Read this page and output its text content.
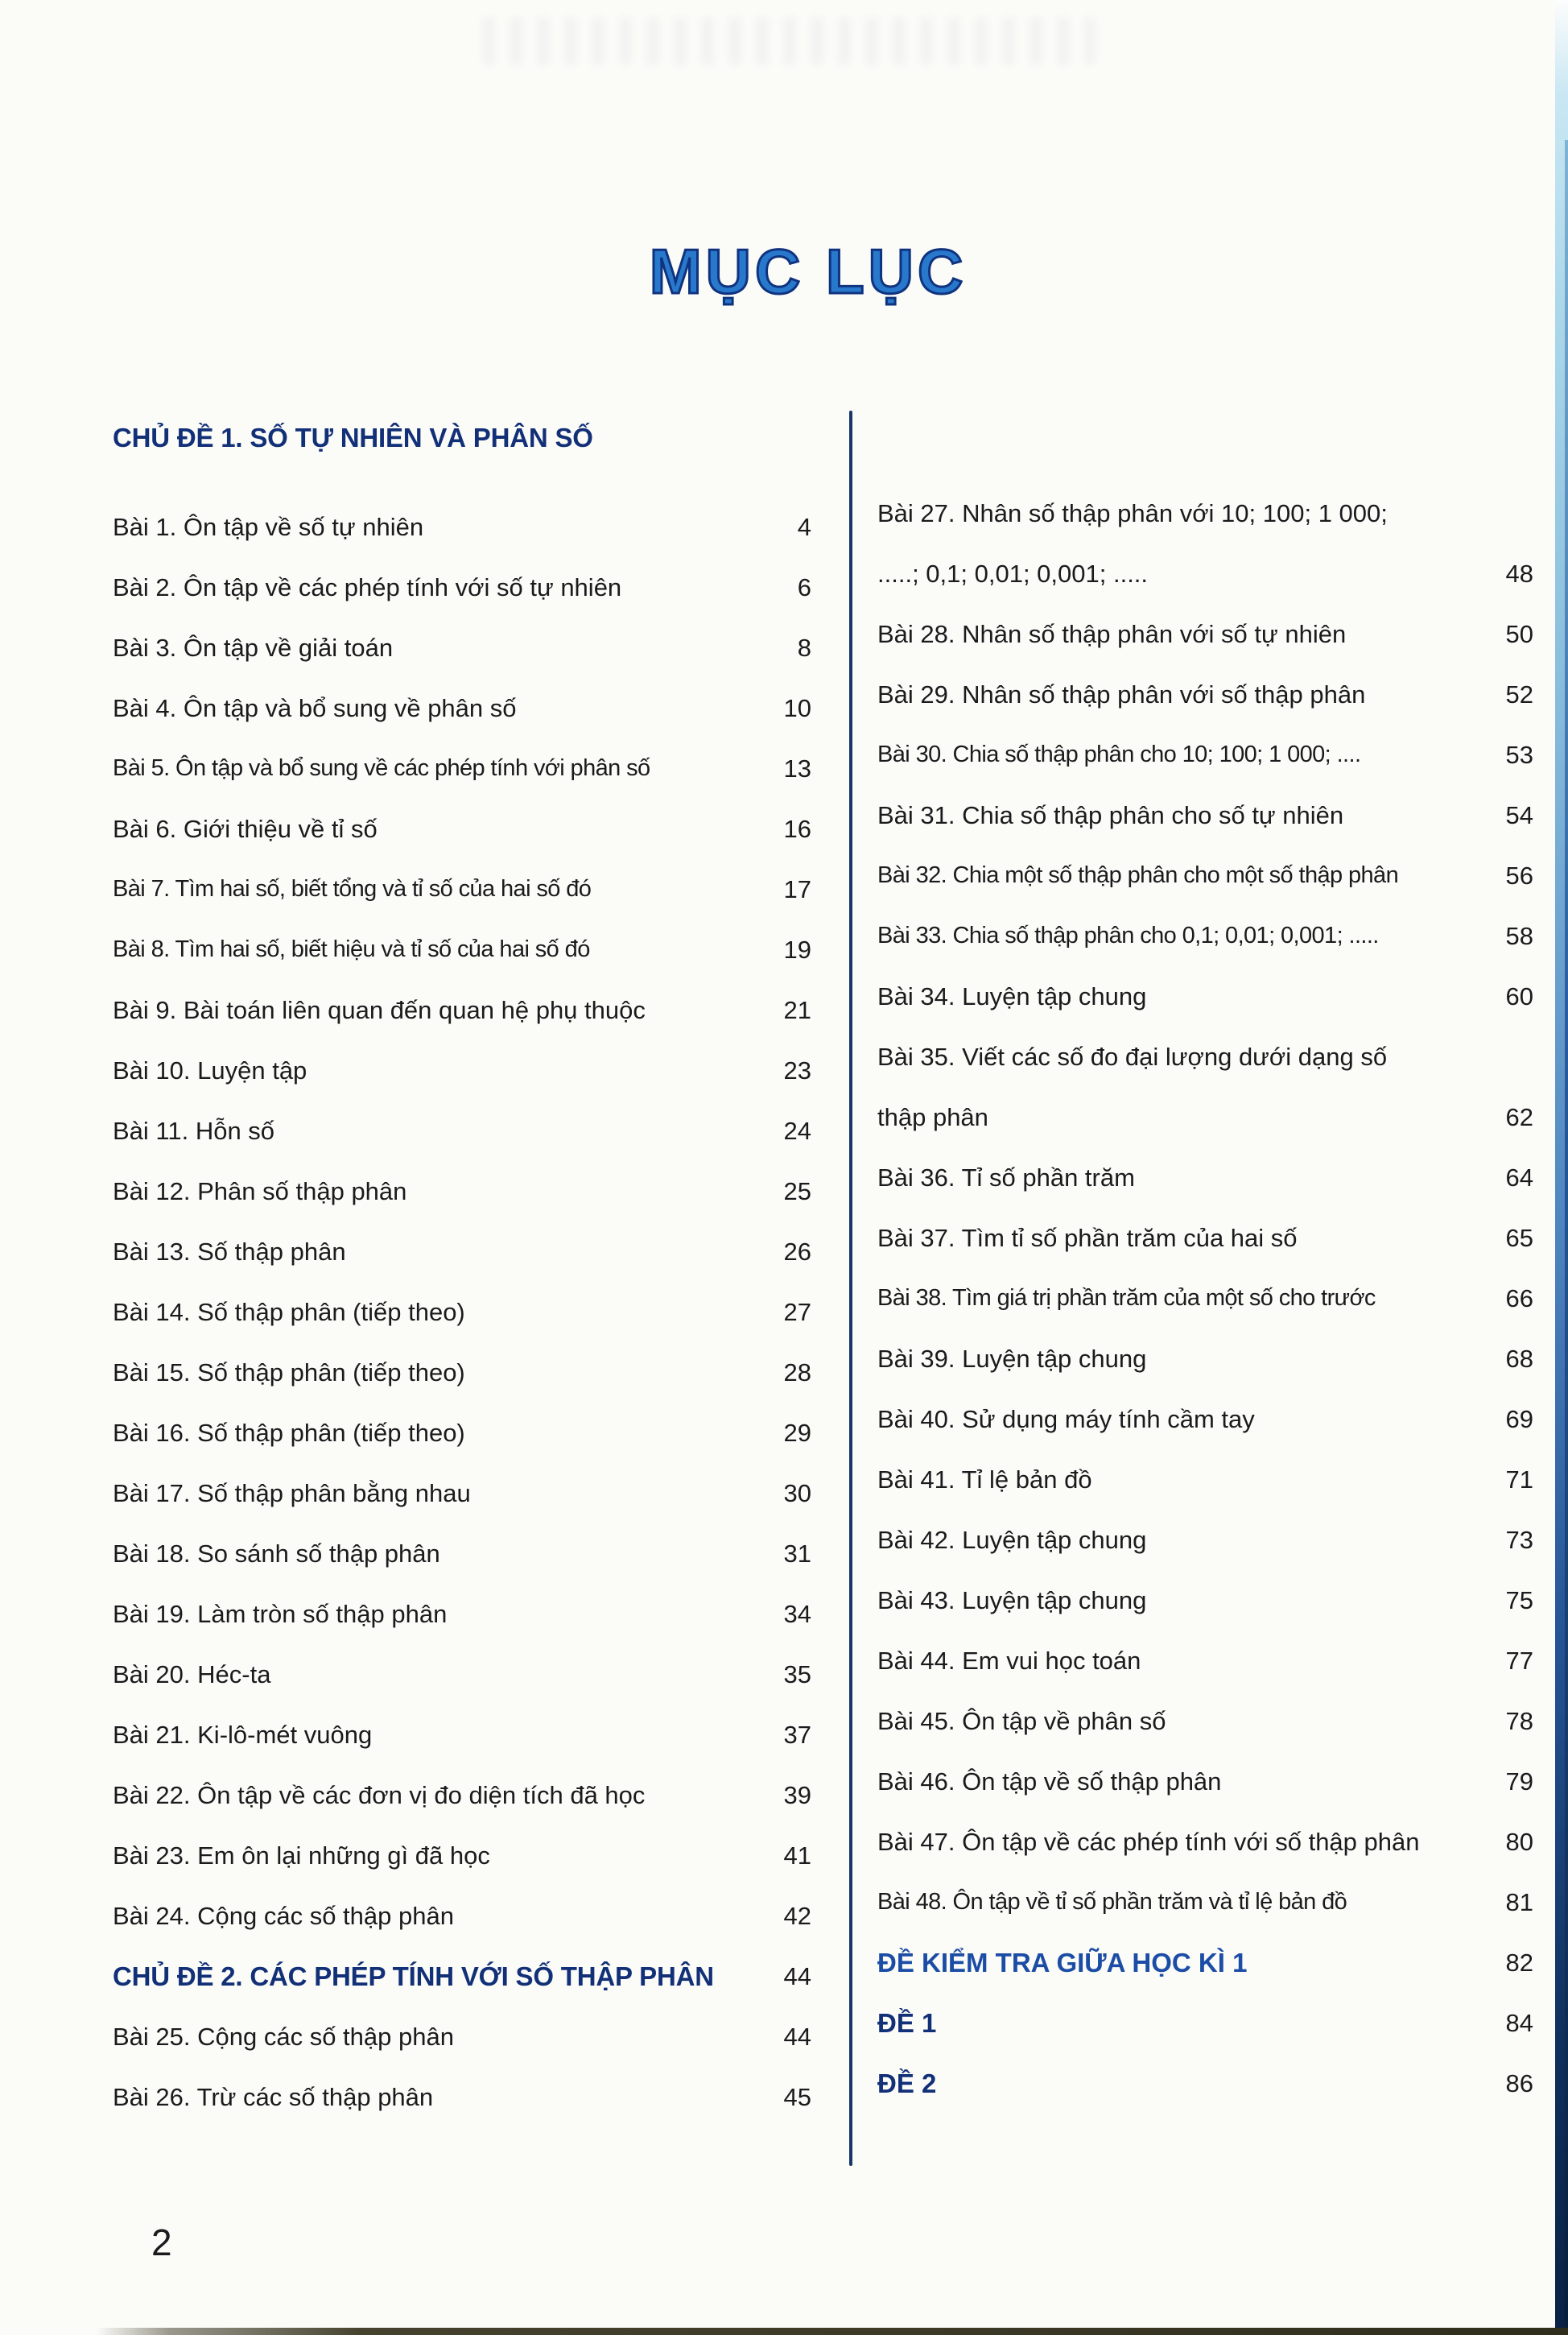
MỤC LỤC
CHỦ ĐỀ 1. SỐ TỰ NHIÊN VÀ PHÂN SỐ
Bài 1. Ôn tập về số tự nhiên	4
Bài 2. Ôn tập về các phép tính với số tự nhiên	6
Bài 3. Ôn tập về giải toán	8
Bài 4. Ôn tập và bổ sung về phân số	10
Bài 5. Ôn tập và bổ sung về các phép tính với phân số	13
Bài 6. Giới thiệu về tỉ số	16
Bài 7. Tìm hai số, biết tổng và tỉ số của hai số đó	17
Bài 8. Tìm hai số, biết hiệu và tỉ số của hai số đó	19
Bài 9. Bài toán liên quan đến quan hệ phụ thuộc	21
Bài 10. Luyện tập	23
Bài 11. Hỗn số	24
Bài 12. Phân số thập phân	25
Bài 13. Số thập phân	26
Bài 14. Số thập phân (tiếp theo)	27
Bài 15. Số thập phân (tiếp theo)	28
Bài 16. Số thập phân (tiếp theo)	29
Bài 17. Số thập phân bằng nhau	30
Bài 18. So sánh số thập phân	31
Bài 19. Làm tròn số thập phân	34
Bài 20. Héc-ta	35
Bài 21. Ki-lô-mét vuông	37
Bài 22. Ôn tập về các đơn vị đo diện tích đã học	39
Bài 23. Em ôn lại những gì đã học	41
Bài 24. Cộng các số thập phân	42
CHỦ ĐỀ 2. CÁC PHÉP TÍNH VỚI SỐ THẬP PHÂN	44
Bài 25. Cộng các số thập phân	44
Bài 26. Trừ các số thập phân	45
Bài 27. Nhân số thập phân với 10; 100; 1 000;
.....; 0,1; 0,01; 0,001; .....	48
Bài 28. Nhân số thập phân với số tự nhiên	50
Bài 29. Nhân số thập phân với số thập phân	52
Bài 30. Chia số thập phân cho 10; 100; 1 000; ....	53
Bài 31. Chia số thập phân cho số tự nhiên	54
Bài 32. Chia một số thập phân cho một số thập phân	56
Bài 33. Chia số thập phân cho 0,1; 0,01; 0,001; .....	58
Bài 34. Luyện tập chung	60
Bài 35. Viết các số đo đại lượng dưới dạng số
thập phân	62
Bài 36. Tỉ số phần trăm	64
Bài 37. Tìm tỉ số phần trăm của hai số	65
Bài 38. Tìm giá trị phần trăm của một số cho trước	66
Bài 39. Luyện tập chung	68
Bài 40. Sử dụng máy tính cầm tay	69
Bài 41. Tỉ lệ bản đồ	71
Bài 42. Luyện tập chung	73
Bài 43. Luyện tập chung	75
Bài 44. Em vui học toán	77
Bài 45. Ôn tập về phân số	78
Bài 46. Ôn tập về số thập phân	79
Bài 47. Ôn tập về các phép tính với số thập phân	80
Bài 48. Ôn tập về tỉ số phần trăm và tỉ lệ bản đồ	81
ĐỀ KIỂM TRA GIỮA HỌC KÌ 1	82
ĐỀ 1	84
ĐỀ 2	86
2
